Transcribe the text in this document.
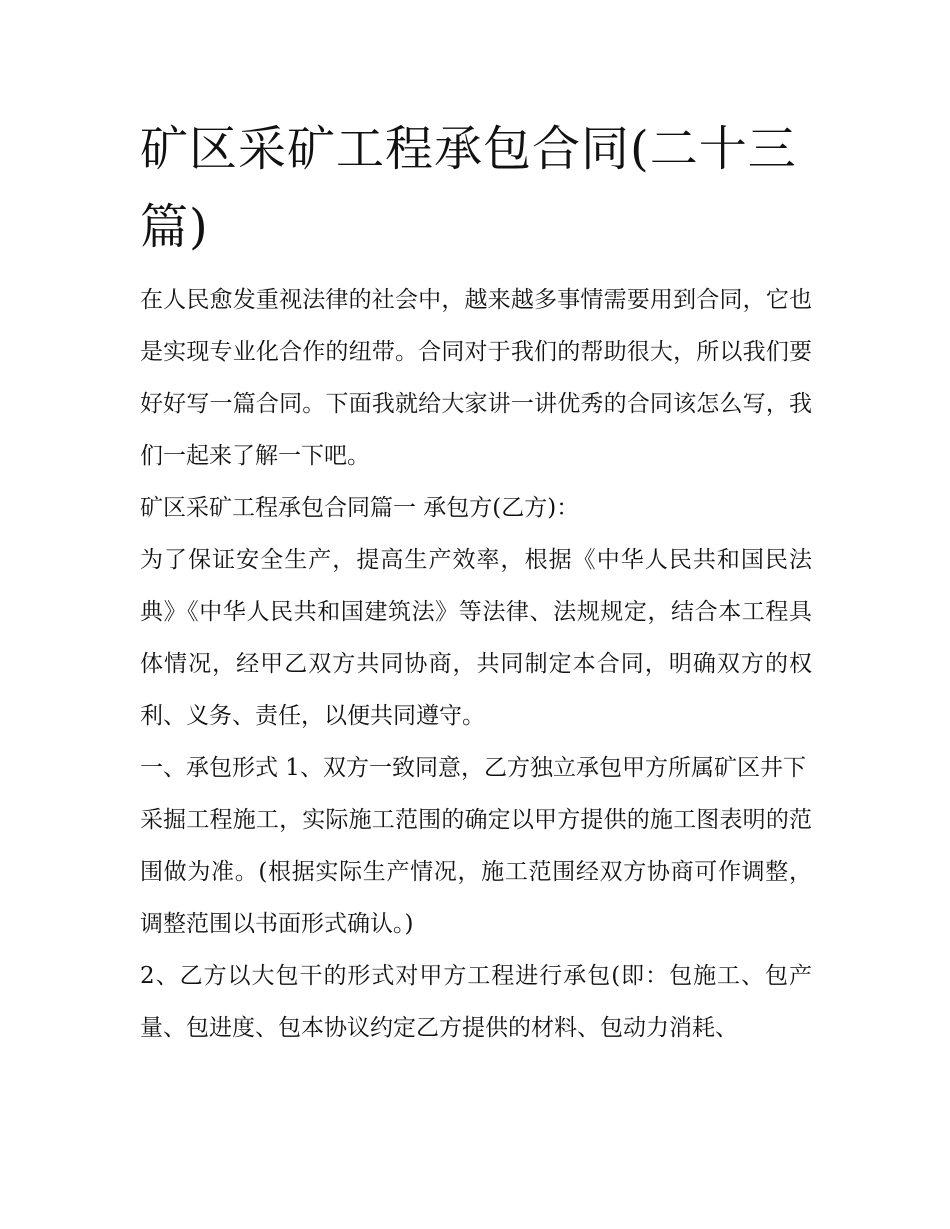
矿区采矿工程承包合同(二十三篇)

在人民愈发重视法律的社会中，越来越多事情需要用到合同，它也是实现专业化合作的纽带。合同对于我们的帮助很大，所以我们要好好写一篇合同。下面我就给大家讲一讲优秀的合同该怎么写，我们一起来了解一下吧。

矿区采矿工程承包合同篇一 承包方(乙方)：

为了保证安全生产，提高生产效率，根据《中华人民共和国民法典》《中华人民共和国建筑法》等法律、法规规定，结合本工程具体情况，经甲乙双方共同协商，共同制定本合同，明确双方的权利、义务、责任，以便共同遵守。

一、承包形式 1、双方一致同意，乙方独立承包甲方所属矿区井下

采掘工程施工，实际施工范围的确定以甲方提供的施工图表明的范围做为准。(根据实际生产情况，施工范围经双方协商可作调整，调整范围以书面形式确认。)

2、乙方以大包干的形式对甲方工程进行承包(即：包施工、包产量、包进度、包本协议约定乙方提供的材料、包动力消耗、
